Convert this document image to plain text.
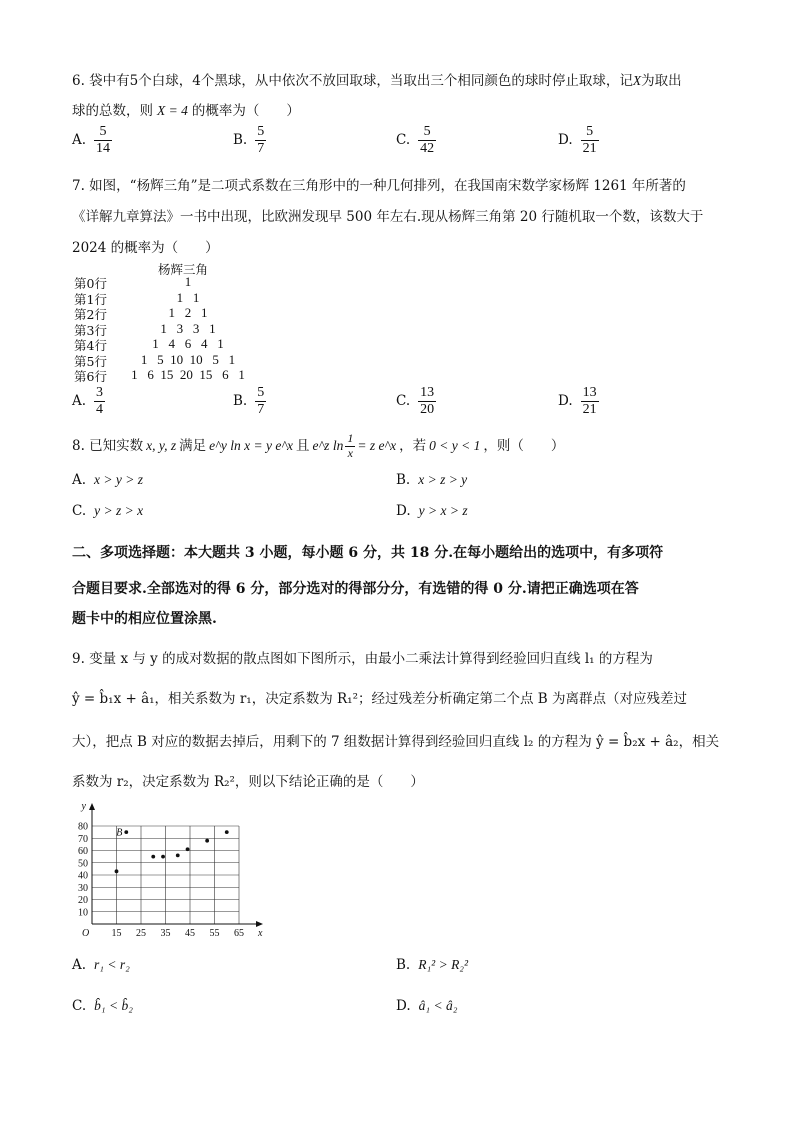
6. 袋中有5个白球，4个黑球，从中依次不放回取球，当取出三个相同颜色的球时停止取球，记X为取出
球的总数，则 X = 4 的概率为（　　）
A. $\frac{5}{14}$	B. $\frac{5}{7}$	C. $\frac{5}{42}$	D. $\frac{5}{21}$
7. 如图，“杨辉三角”是二项式系数在三角形中的一种几何排列，在我国南宋数学家杨辉 1261 年所著的
《详解九章算法》一书中出现，比欧洲发现早 500 年左右.现从杨辉三角第 20 行随机取一个数，该数大于
2024 的概率为（　　）
杨辉三角
第0行	1
第1行	1   1
第2行	1   2   1
第3行	1   3   3   1
第4行	1   4   6   4   1
第5行	1   5  10  10   5   1
第6行 1   6  15  20  15   6   1
A. $\frac{3}{4}$	B. $\frac{5}{7}$	C. $\frac{13}{20}$	D. $\frac{13}{21}$
8. 已知实数 x, y, z 满足 e^y ln x = y e^x 且 e^z $\ln \frac{1}{x} = z$ e^x ，若 0 < y < 1 ，则（　　）
A. x > y > z	B. x > z > y
C. y > z > x	D. y > x > z
二、多项选择题：本大题共 3 小题，每小题 6 分，共 18 分.在每小题给出的选项中，有多项符
合题目要求.全部选对的得 6 分，部分选对的得部分分，有选错的得 0 分.请把正确选项在答
题卡中的相应位置涂黑.
9. 变量 x 与 y 的成对数据的散点图如下图所示，由最小二乘法计算得到经验回归直线 l₁ 的方程为
ŷ = b̂₁x + â₁，相关系数为 r₁，决定系数为 R₁²；经过残差分析确定第二个点 B 为离群点（对应残差过
大），把点 B 对应的数据去掉后，用剩下的 7 组数据计算得到经验回归直线 l₂ 的方程为 ŷ = b̂₂x + â₂，相关
系数为 r₂，决定系数为 R₂²，则以下结论正确的是（　　）
10
20
30
40
50
60
70
80
15 25 35 45 55 65
O	x
y
B
A. r₁ < r₂	B. R₁² > R₂²
C. b̂₁ < b̂₂	D. â₁ < â₂
